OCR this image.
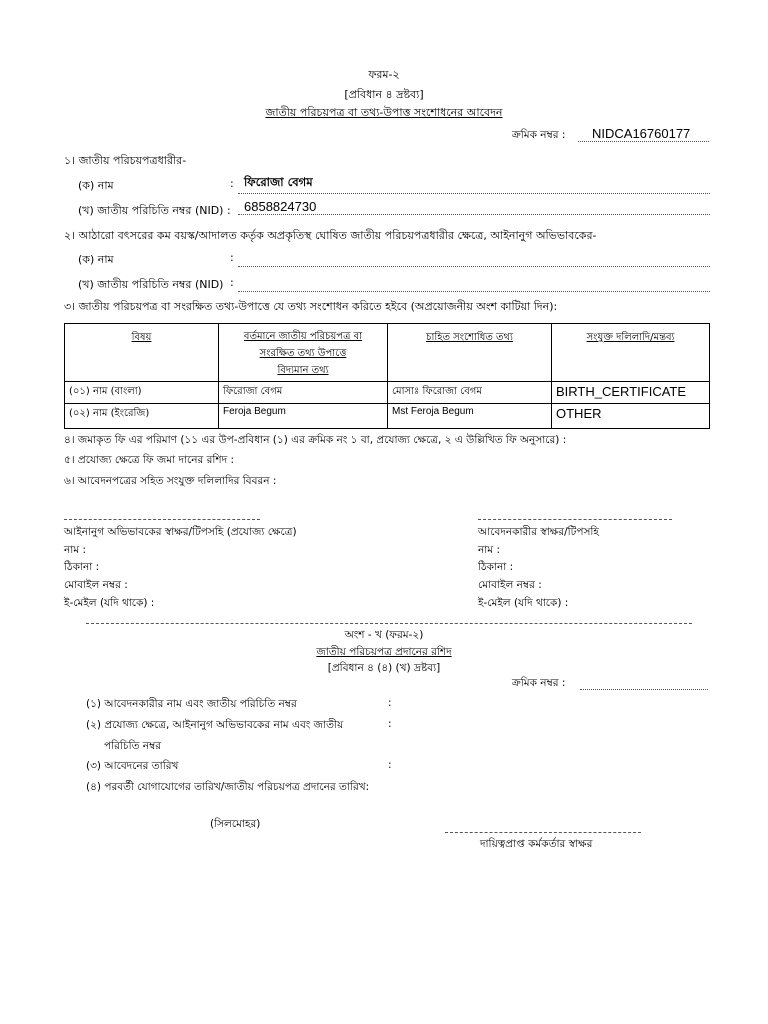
ফরম-২
[প্রবিধান ৪ দ্রষ্টব্য]
জাতীয় পরিচয়পত্র বা তথ্য-উপাত্ত সংশোধনের আবেদন
ক্রমিক নম্বর :	NIDCA16760177
১। জাতীয় পরিচয়পত্রধারীর-
(ক) নাম	: ফিরোজা বেগম
(খ) জাতীয় পরিচিতি নম্বর (NID) :	6858824730
২। আঠারো বৎসরের কম বয়স্ক/আদালত কর্তৃক অপ্রকৃতিস্থ ঘোষিত জাতীয় পরিচয়পত্রধারীর ক্ষেত্রে, আইনানুগ অভিভাবকের-
(ক) নাম	:
(খ) জাতীয় পরিচিতি নম্বর (NID) :
৩। জাতীয় পরিচয়পত্র বা সংরক্ষিত তথ্য-উপাত্তে যে তথ্য সংশোধন করিতে হইবে (অপ্রয়োজনীয় অংশ কাটিয়া দিন):
বিষয়	বর্তমানে জাতীয় পরিচয়পত্র বা
সংরক্ষিত তথ্য উপাত্তে
বিদ্যমান তথ্য	চাহিত সংশোধিত তথ্য	সংযুক্ত দলিলাদি/মন্তব্য
(০১) নাম (বাংলা)	ফিরোজা বেগম	মোসাঃ ফিরোজা বেগম	BIRTH_CERTIFICATE
(০২) নাম (ইংরেজি)	Feroja Begum	Mst Feroja Begum	OTHER
৪। জমাকৃত ফি এর পরিমাণ (১১ এর উপ-প্রবিধান (১) এর ক্রমিক নং ১ বা, প্রযোজ্য ক্ষেত্রে, ২ এ উল্লিখিত ফি অনুসারে) :
৫। প্রযোজ্য ক্ষেত্রে ফি জমা দানের রশিদ :
৬। আবেদনপত্রের সহিত সংযুক্ত দলিলাদির বিবরন :
আইনানুগ অভিভাবকের স্বাক্ষর/টিপসহি (প্রযোজ্য ক্ষেত্রে)
নাম :
ঠিকানা :
মোবাইল নম্বর :
ই-মেইল (যদি থাকে) :
আবেদনকারীর স্বাক্ষর/টিপসহি
নাম :
ঠিকানা :
মোবাইল নম্বর :
ই-মেইল (যদি থাকে) :
অংশ - খ (ফরম-২)
জাতীয় পরিচয়পত্র প্রদানের রশিদ
[প্রবিধান ৪ (৪) (খ) দ্রষ্টব্য]
ক্রমিক নম্বর :
(১) আবেদনকারীর নাম এবং জাতীয় পরিচিতি নম্বর	:
(২) প্রযোজ্য ক্ষেত্রে, আইনানুগ অভিভাবকের নাম এবং জাতীয়	:
পরিচিতি নম্বর
(৩) আবেদনের তারিখ	:
(৪) পরবর্তী যোগাযোগের তারিখ/জাতীয় পরিচয়পত্র প্রদানের তারিখ:
(সিলমোহর)
দায়িত্বপ্রাপ্ত কর্মকর্তার স্বাক্ষর
